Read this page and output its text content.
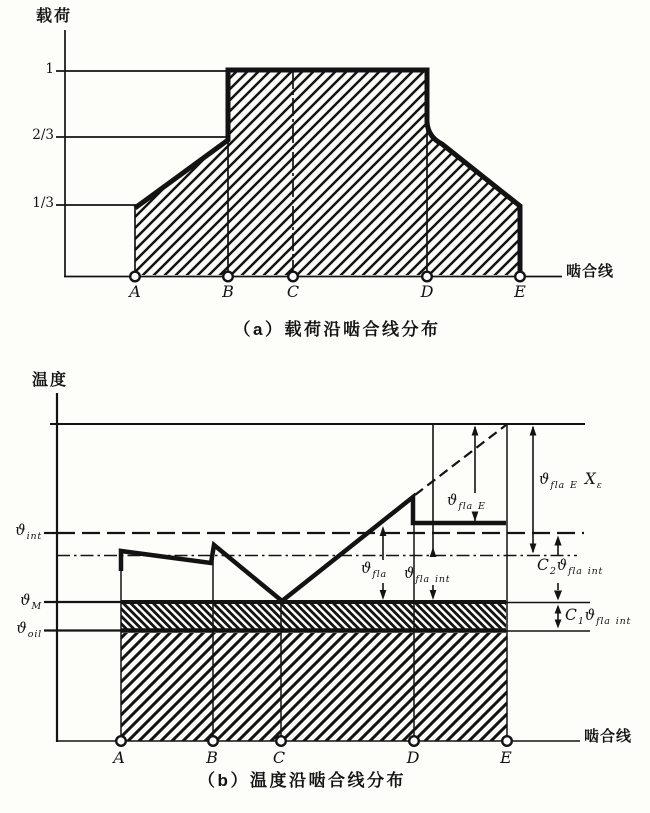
载荷
1
2/3
1/3
啮合线
A	B	C	D	E
（a）载荷沿啮合线分布
温度
$ϑ_{int}$
$ϑ_M$
$ϑ_{oil}$
$ϑ_{fla}$ $ϑ_{fla}$ $_{int}$
$ϑ_{fla}$ $_E$
$ϑ_{fla}$ $_E$ $X_\varepsilon$
$C_2ϑ_{fla}$ $_{int}$
$C_1ϑ_{fla}$ $_{int}$
A	B	C	D	E
啮合线
（b）温度沿啮合线分布
